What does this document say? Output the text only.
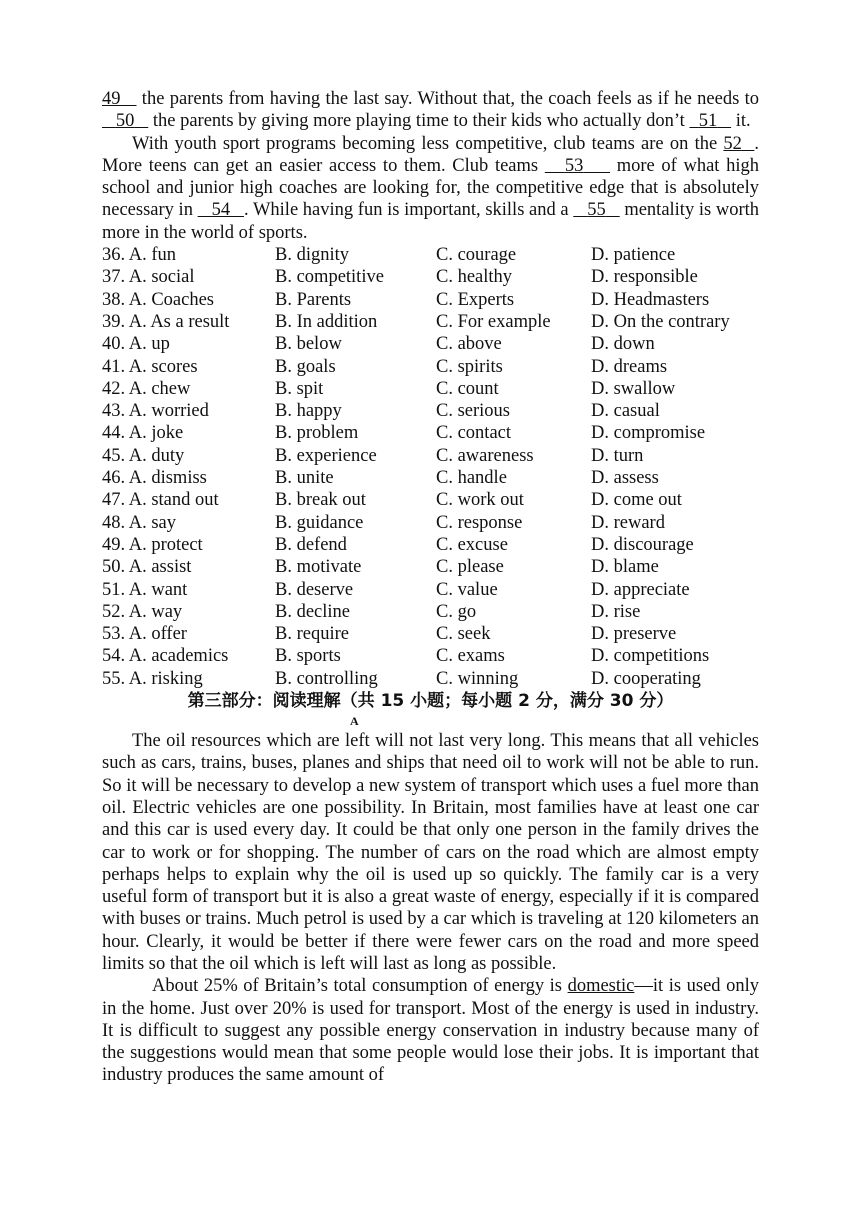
49    the parents from having the last say. Without that, the coach feels as if he needs to    50    the parents by giving more playing time to their kids who actually don’t   51    it.

With youth sport programs becoming less competitive, club teams are on the 52 . More teens can get an easier access to them. Club teams    53     more of what high school and junior high coaches are looking for, the competitive edge that is absolutely necessary in    54 . While having fun is important, skills and a    55    mentality is worth more in the world of sports.

36. A. fun	B. dignity	C. courage	D. patience
37. A. social	B. competitive	C. healthy	D. responsible
38. A. Coaches	B. Parents	C. Experts	D. Headmasters
39. A. As a result	B. In addition	C. For example	D. On the contrary
40. A. up	B. below	C. above	D. down
41. A. scores	B. goals	C. spirits	D. dreams
42. A. chew	B. spit	C. count	D. swallow
43. A. worried	B. happy	C. serious	D. casual
44. A. joke	B. problem	C. contact	D. compromise
45. A. duty	B. experience	C. awareness	D. turn
46. A. dismiss	B. unite	C. handle	D. assess
47. A. stand out	B. break out	C. work out	D. come out
48. A. say	B. guidance	C. response	D. reward
49. A. protect	B. defend	C. excuse	D. discourage
50. A. assist	B. motivate	C. please	D. blame
51. A. want	B. deserve	C. value	D. appreciate
52. A. way	B. decline	C. go	D. rise
53. A. offer	B. require	C. seek	D. preserve
54. A. academics	B. sports	C. exams	D. competitions
55. A. risking	B. controlling	C. winning	D. cooperating
第三部分：阅读理解（共 15 小题；每小题 2 分，满分 30 分）
A

The oil resources which are left will not last very long. This means that all vehicles such as cars, trains, buses, planes and ships that need oil to work will not be able to run. So it will be necessary to develop a new system of transport which uses a fuel more than oil. Electric vehicles are one possibility. In Britain, most families have at least one car and this car is used every day. It could be that only one person in the family drives the car to work or for shopping. The number of cars on the road which are almost empty perhaps helps to explain why the oil is used up so quickly. The family car is a very useful form of transport but it is also a great waste of energy, especially if it is compared with buses or trains. Much petrol is used by a car which is traveling at 120 kilometers an hour. Clearly, it would be better if there were fewer cars on the road and more speed limits so that the oil which is left will last as long as possible.

About 25% of Britain’s total consumption of energy is domestic—it is used only in the home. Just over 20% is used for transport. Most of the energy is used in industry. It is difficult to suggest any possible energy conservation in industry because many of the suggestions would mean that some people would lose their jobs. It is important that industry produces the same amount of
